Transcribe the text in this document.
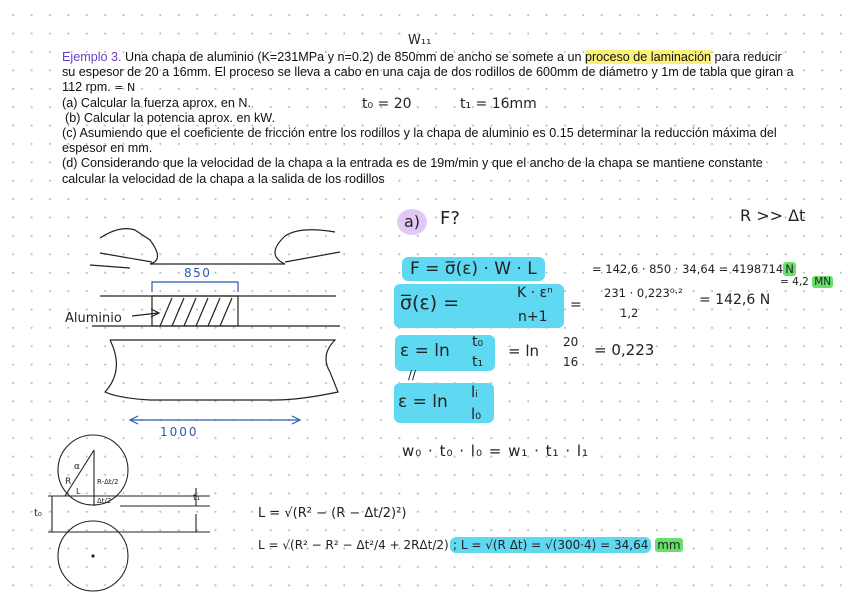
W₁₁

Ejemplo 3. Una chapa de aluminio (K=231MPa y n=0.2) de 850mm de ancho se somete a un proceso de laminación para reducir su espesor de 20 a 16mm. El proceso se lleva a cabo en una caja de dos rodillos de 600mm de diámetro y 1m de tabla que giran a 112 rpm. = N

(a) Calcular la fuerza aprox. en N.

(b) Calcular la potencia aprox. en kW.

(c) Asumiendo que el coeficiente de fricción entre los rodillos y la chapa de aluminio es 0.15 determinar la reducción máxima del espesor en mm.

(d) Considerando que la velocidad de la chapa a la entrada es de 19m/min y que el ancho de la chapa se mantiene constante calcular la velocidad de la chapa a la salida de los rodillos

t₀ = 20	t₁ = 16mm
a)	F?	R >> Δt
F = σ̅(ε) · W · L	= 142,6 · 850 · 34,64 = 4198714 N
= 4,2 MN
σ̅(ε) =	K · εⁿ
n+1
=
231 · 0,223⁰·²
1,2
= 142,6 N
ε = ln t₀
t₁
= ln 20
16
= 0,223
//
ε = ln lᵢ
l₀
w₀ · t₀ · l₀ = w₁ · t₁ · l₁
L = √(R² − (R − Δt/2)²)
L = √(R² − R² − Δt²/4 + 2RΔt/2) ; L = √(R Δt) = √(300·4) = 34,64 mm
850
Aluminio
1000
α
R
L
R-Δt/2
Δt/2
t₀
t₁
